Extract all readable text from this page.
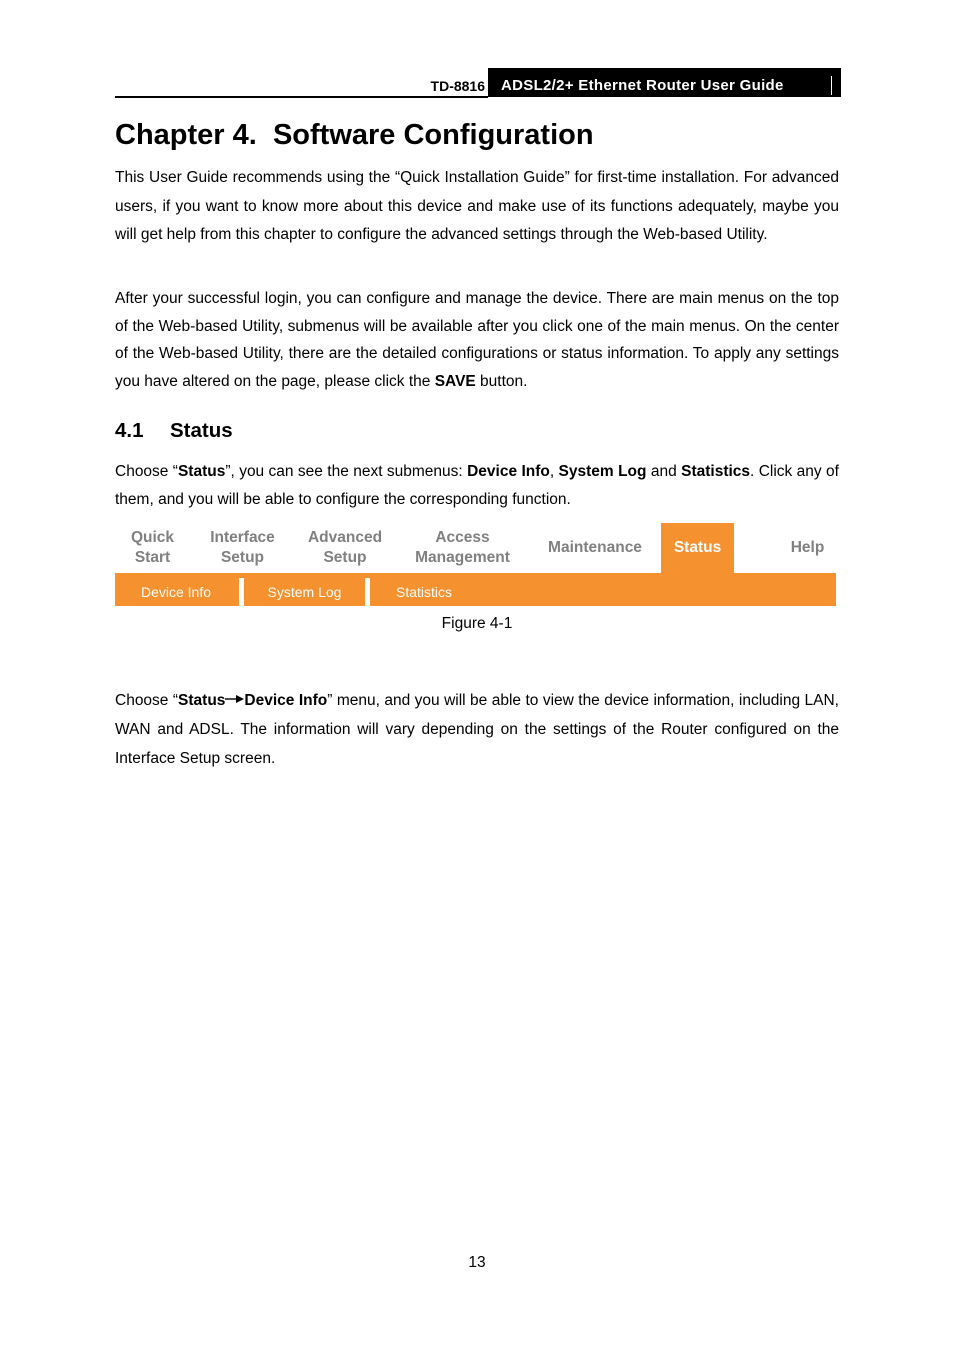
TD-8816 ADSL2/2+ Ethernet Router User Guide
Chapter 4. Software Configuration

This User Guide recommends using the “Quick Installation Guide” for first-time installation. For advanced users, if you want to know more about this device and make use of its functions adequately, maybe you will get help from this chapter to configure the advanced settings through the Web-based Utility.

After your successful login, you can configure and manage the device. There are main menus on the top of the Web-based Utility, submenus will be available after you click one of the main menus. On the center of the Web-based Utility, there are the detailed configurations or status information. To apply any settings you have altered on the page, please click the SAVE button.

4.1 Status

Choose “Status”, you can see the next submenus: Device Info, System Log and Statistics. Click any of them, and you will be able to configure the corresponding function.

Quick
Start
Interface
Setup
Advanced
Setup
Access
Management
Maintenance	Status	Help
Device Info	System Log	Statistics
Figure 4-1

Choose “Status Device Info” menu, and you will be able to view the device information, including LAN, WAN and ADSL. The information will vary depending on the settings of the Router configured on the Interface Setup screen.

13
